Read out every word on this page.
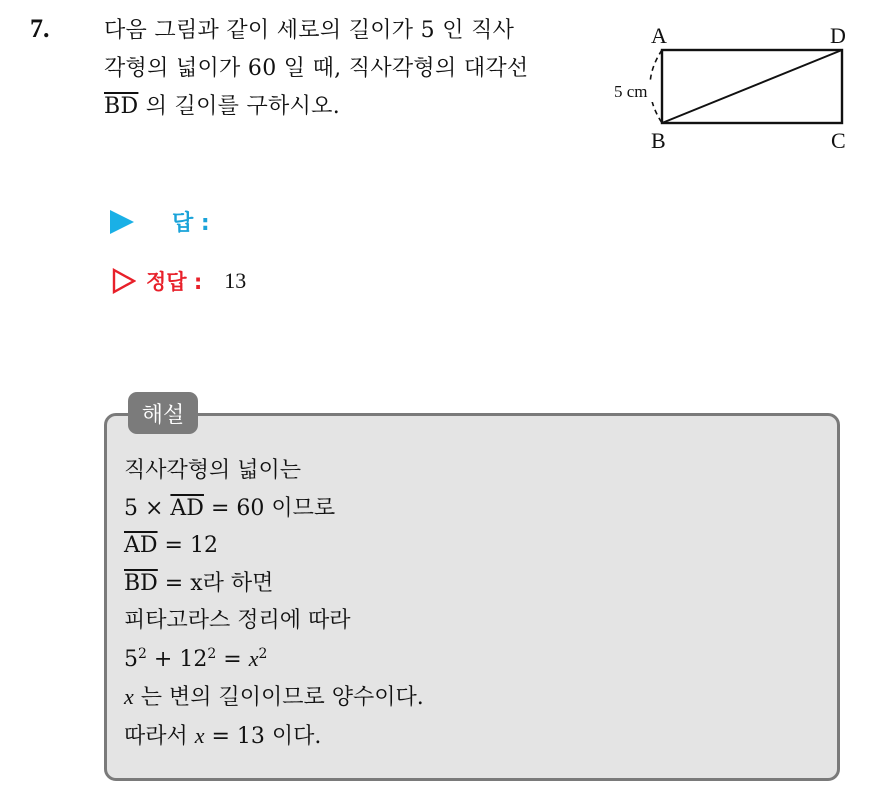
7. 다음 그림과 같이 세로의 길이가 5 인 직사
각형의 넓이가 60 일 때, 직사각형의 대각선
$\overline{BD}$ 의 길이를 구하시오.
A	D
B	C
5 cm
답 :
정답 : 13
해설
직사각형의 넓이는
$5 \times \overline{AD} = 60$ 이므로
$\overline{AD} = 12$
$\overline{BD} = x$라 하면
피타고라스 정리에 따라
$5^2 + 12^2 = x^2$
x 는 변의 길이이므로 양수이다.
따라서 x = 13 이다.
